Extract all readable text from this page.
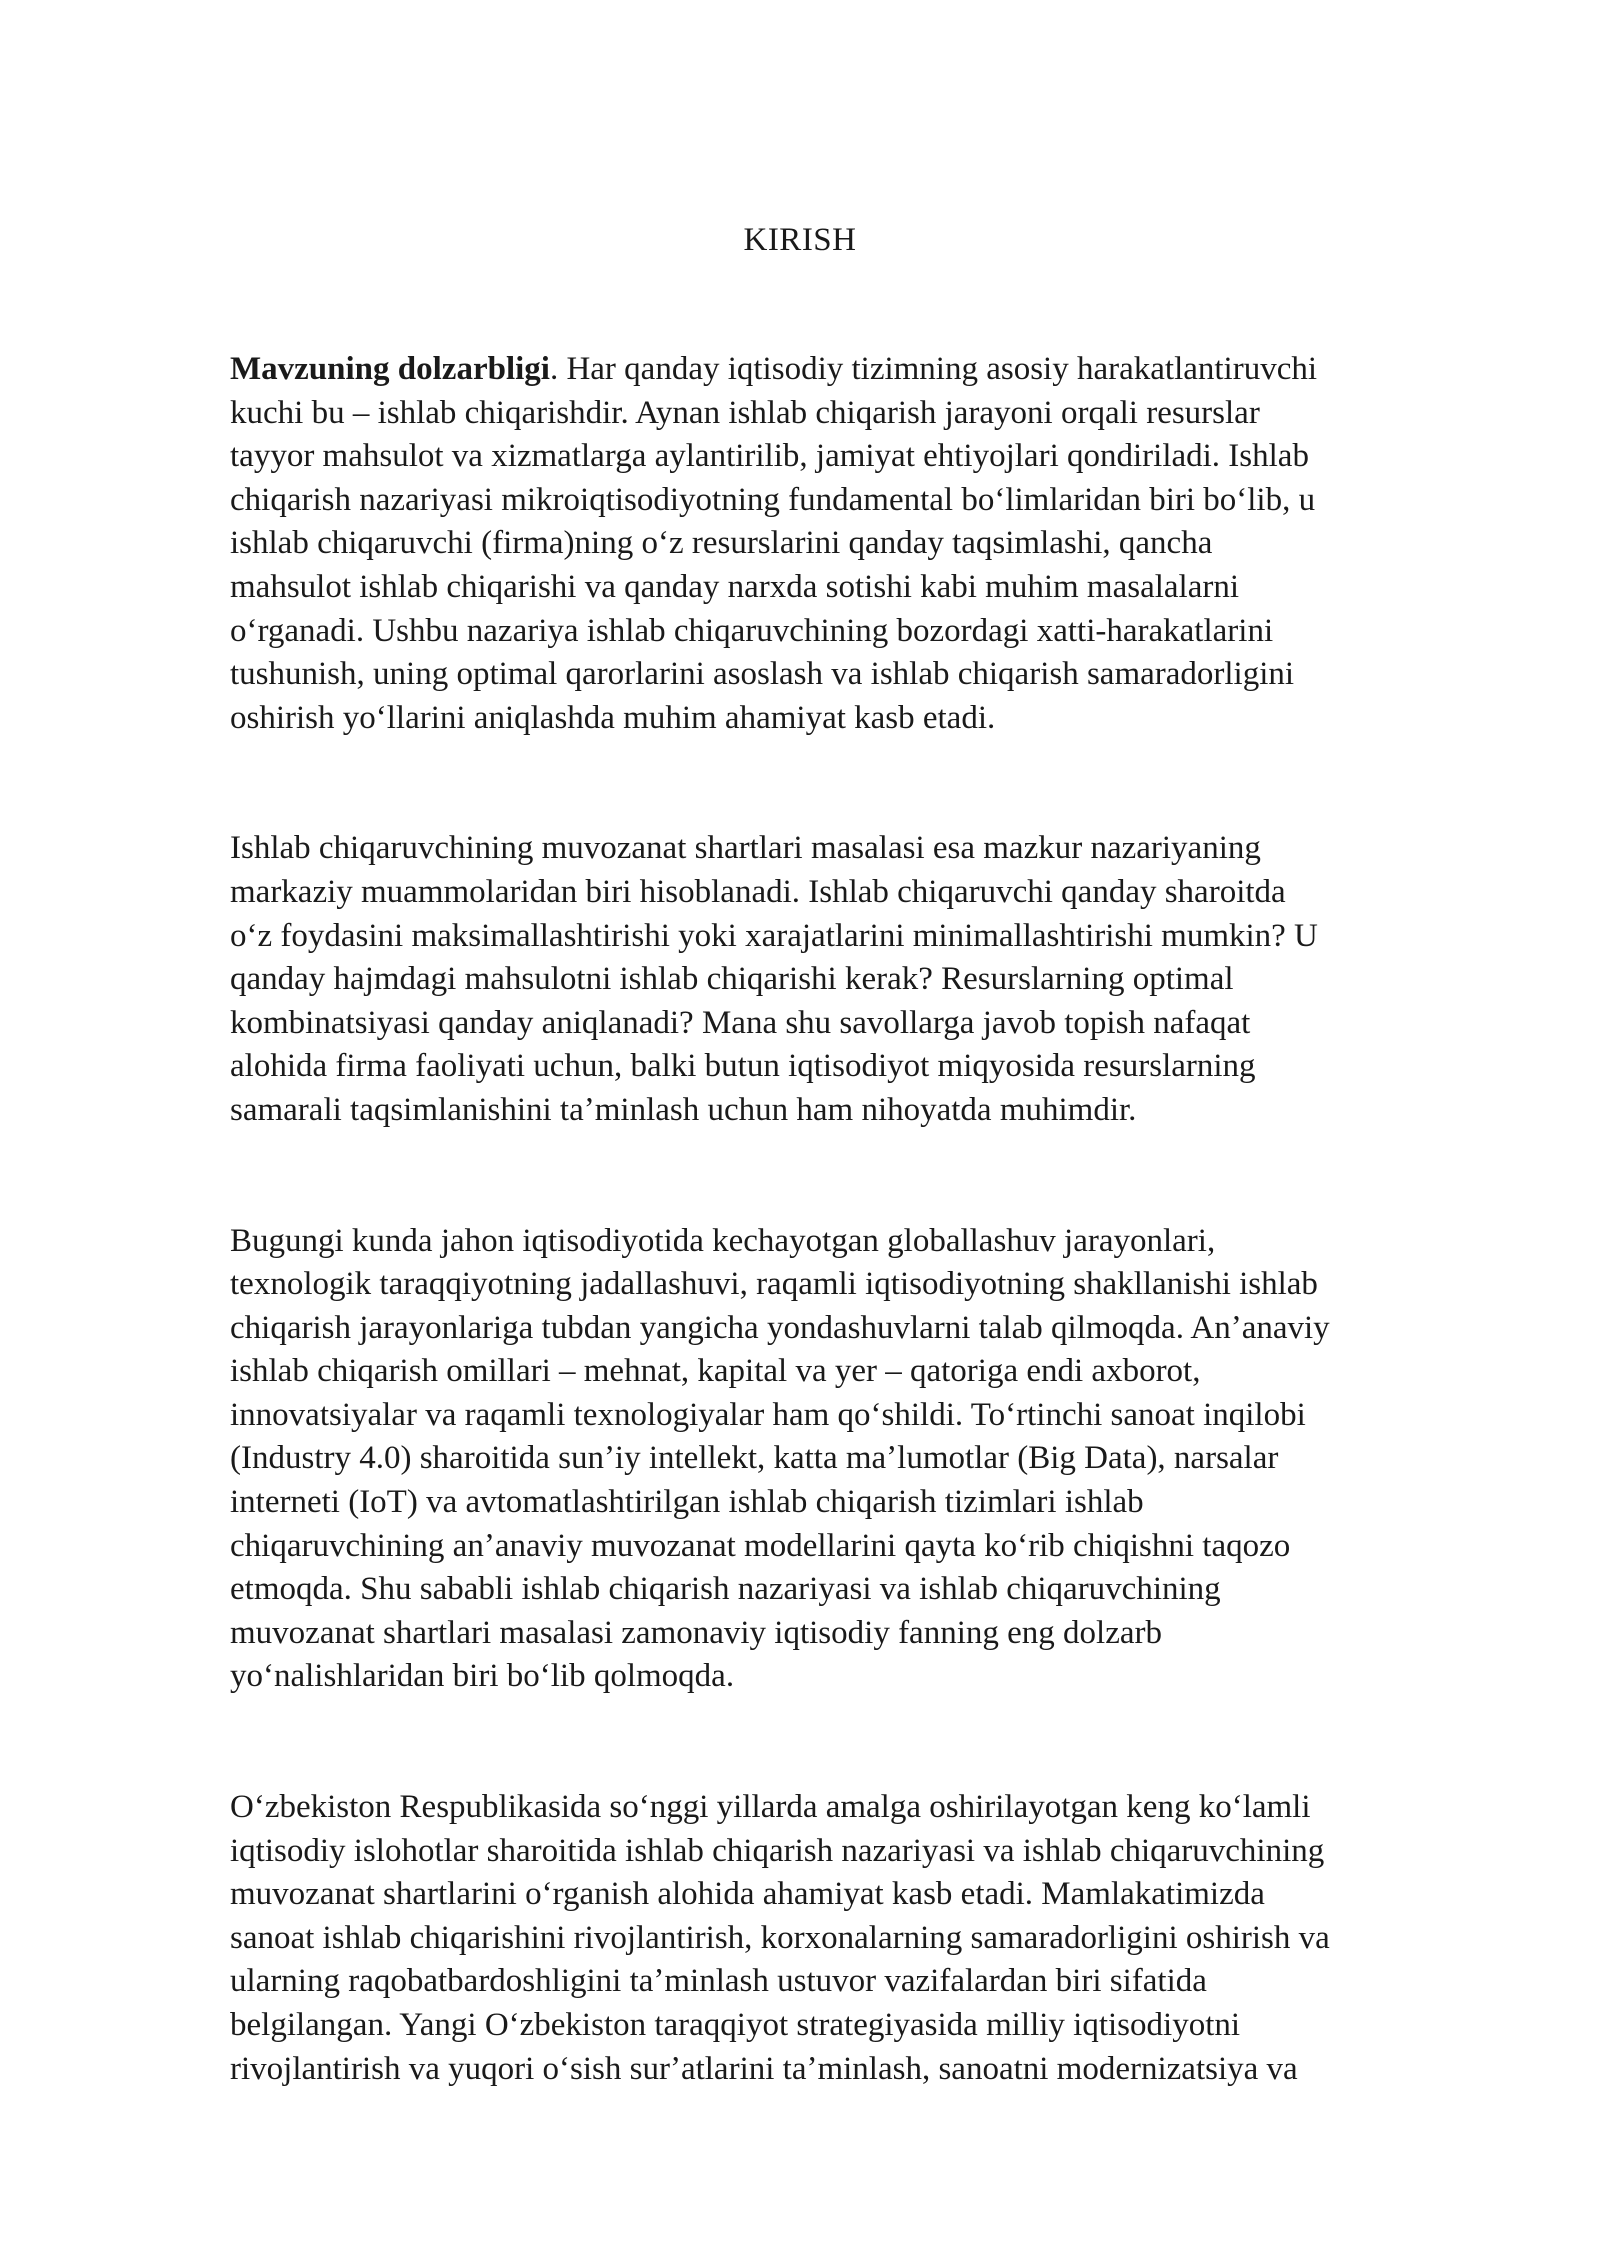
KIRISH

Mavzuning dolzarbligi. Har qanday iqtisodiy tizimning asosiy harakatlantiruvchi
kuchi bu – ishlab chiqarishdir. Aynan ishlab chiqarish jarayoni orqali resurslar
tayyor mahsulot va xizmatlarga aylantirilib, jamiyat ehtiyojlari qondiriladi. Ishlab
chiqarish nazariyasi mikroiqtisodiyotning fundamental boʻlimlaridan biri boʻlib, u
ishlab chiqaruvchi (firma)ning oʻz resurslarini qanday taqsimlashi, qancha
mahsulot ishlab chiqarishi va qanday narxda sotishi kabi muhim masalalarni
oʻrganadi. Ushbu nazariya ishlab chiqaruvchining bozordagi xatti-harakatlarini
tushunish, uning optimal qarorlarini asoslash va ishlab chiqarish samaradorligini
oshirish yoʻllarini aniqlashda muhim ahamiyat kasb etadi.

Ishlab chiqaruvchining muvozanat shartlari masalasi esa mazkur nazariyaning
markaziy muammolaridan biri hisoblanadi. Ishlab chiqaruvchi qanday sharoitda
oʻz foydasini maksimallashtirishi yoki xarajatlarini minimallashtirishi mumkin? U
qanday hajmdagi mahsulotni ishlab chiqarishi kerak? Resurslarning optimal
kombinatsiyasi qanday aniqlanadi? Mana shu savollarga javob topish nafaqat
alohida firma faoliyati uchun, balki butun iqtisodiyot miqyosida resurslarning
samarali taqsimlanishini taʼminlash uchun ham nihoyatda muhimdir.

Bugungi kunda jahon iqtisodiyotida kechayotgan globallashuv jarayonlari,
texnologik taraqqiyotning jadallashuvi, raqamli iqtisodiyotning shakllanishi ishlab
chiqarish jarayonlariga tubdan yangicha yondashuvlarni talab qilmoqda. Anʼanaviy
ishlab chiqarish omillari – mehnat, kapital va yer – qatoriga endi axborot,
innovatsiyalar va raqamli texnologiyalar ham qoʻshildi. Toʻrtinchi sanoat inqilobi
(Industry 4.0) sharoitida sunʼiy intellekt, katta maʼlumotlar (Big Data), narsalar
interneti (IoT) va avtomatlashtirilgan ishlab chiqarish tizimlari ishlab
chiqaruvchining anʼanaviy muvozanat modellarini qayta koʻrib chiqishni taqozo
etmoqda. Shu sababli ishlab chiqarish nazariyasi va ishlab chiqaruvchining
muvozanat shartlari masalasi zamonaviy iqtisodiy fanning eng dolzarb
yoʻnalishlaridan biri boʻlib qolmoqda.

Oʻzbekiston Respublikasida soʻnggi yillarda amalga oshirilayotgan keng koʻlamli
iqtisodiy islohotlar sharoitida ishlab chiqarish nazariyasi va ishlab chiqaruvchining
muvozanat shartlarini oʻrganish alohida ahamiyat kasb etadi. Mamlakatimizda
sanoat ishlab chiqarishini rivojlantirish, korxonalarning samaradorligini oshirish va
ularning raqobatbardoshligini taʼminlash ustuvor vazifalardan biri sifatida
belgilangan. Yangi Oʻzbekiston taraqqiyot strategiyasida milliy iqtisodiyotni
rivojlantirish va yuqori oʻsish surʼatlarini taʼminlash, sanoatni modernizatsiya va
